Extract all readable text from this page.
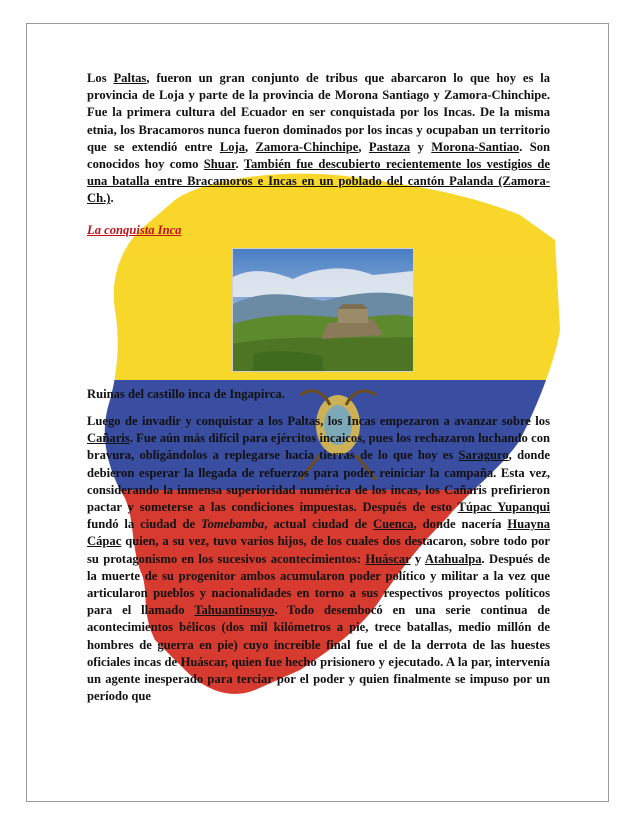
Los Paltas, fueron un gran conjunto de tribus que abarcaron lo que hoy es la provincia de Loja y parte de la provincia de Morona Santiago y Zamora-Chinchipe. Fue la primera cultura del Ecuador en ser conquistada por los Incas. De la misma etnia, los Bracamoros nunca fueron dominados por los incas y ocupaban un territorio que se extendió entre Loja, Zamora-Chinchipe, Pastaza y Morona-Santiao. Son conocidos hoy como Shuar. También fue descubierto recientemente los vestigios de una batalla entre Bracamoros e Incas en un poblado del cantón Palanda (Zamora-Ch.).

La conquista Inca
Ruinas del castillo inca de Ingapirca.

Luego de invadir y conquistar a los Paltas, los Incas empezaron a avanzar sobre los Cañaris. Fue aún más difícil para ejércitos incaicos, pues los rechazaron luchando con bravura, obligándolos a replegarse hacia tierras de lo que hoy es Saraguro, donde debieron esperar la llegada de refuerzos para poder reiniciar la campaña. Esta vez, considerando la inmensa superioridad numérica de los incas, los Cañaris prefirieron pactar y someterse a las condiciones impuestas. Después de esto Túpac Yupanqui fundó la ciudad de Tomebamba, actual ciudad de Cuenca, donde nacería Huayna Cápac quien, a su vez, tuvo varios hijos, de los cuales dos destacaron, sobre todo por su protagonismo en los sucesivos acontecimientos: Huáscar y Atahualpa. Después de la muerte de su progenitor ambos acumularon poder político y militar a la vez que articularon pueblos y nacionalidades en torno a sus respectivos proyectos políticos para el llamado Tahuantinsuyo. Todo desembocó en una serie continua de acontecimientos bélicos (dos mil kilómetros a pie, trece batallas, medio millón de hombres de guerra en pie) cuyo increíble final fue el de la derrota de las huestes oficiales incas de Huáscar, quien fue hecho prisionero y ejecutado. A la par, intervenía un agente inesperado para terciar por el poder y quien finalmente se impuso por un período que
